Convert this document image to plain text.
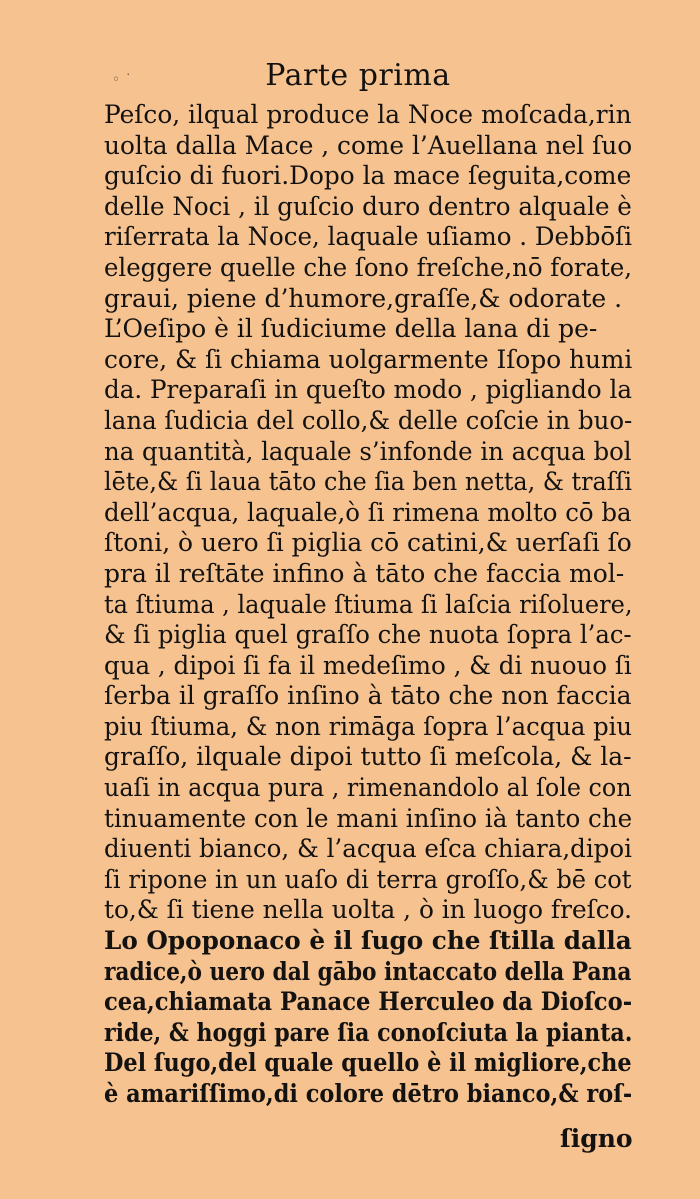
◦ ˙	Parte prima
Peſco, ilqual produce la Noce moſcada,rin
uolta dalla Mace , come l’Auellana nel ſuo
guſcio di fuori.Dopo la mace ſeguita,come
delle Noci , il guſcio duro dentro alquale è
riſerrata la Noce, laquale uſiamo . Debbōſi
eleggere quelle che ſono freſche,nō forate,
graui, piene d’humore,graſſe,& odorate .
L’Oeſipo è il ſudiciume della lana di pe-
core, & ſi chiama uolgarmente Iſopo humi
da. Preparaſi in queſto modo , pigliando la
lana ſudicia del collo,& delle coſcie in buo-
na quantità, laquale s’infonde in acqua bol
lēte,& ſi laua tāto che ſia ben netta, & traſſi
dell’acqua, laquale,ò ſi rimena molto cō ba
ſtoni, ò uero ſi piglia cō catini,& uerſaſi ſo
pra il reſtāte infino à tāto che faccia mol-
ta ſtiuma , laquale ſtiuma ſi laſcia riſoluere,
& ſi piglia quel graſſo che nuota ſopra l’ac-
qua , dipoi ſi fa il medeſimo , & di nuouo ſi
ſerba il graſſo inſino à tāto che non faccia
piu ſtiuma, & non rimāga ſopra l’acqua piu
graſſo, ilquale dipoi tutto ſi meſcola, & la-
uaſi in acqua pura , rimenandolo al ſole con
tinuamente con le mani inſino ià tanto che
diuenti bianco, & l’acqua eſca chiara,dipoi
ſi ripone in un uaſo di terra groſſo,& bē cot
to,& ſi tiene nella uolta , ò in luogo freſco.
Lo Opoponaco è il ſugo che ſtilla dalla
radice,ò uero dal gābo intaccato della Pana
cea,chiamata Panace Herculeo da Dioſco-
ride, & hoggi pare ſia conoſciuta la pianta.
Del ſugo,del quale quello è il migliore,che
è amariſſimo,di colore dētro bianco,& roſ-
ſigno
